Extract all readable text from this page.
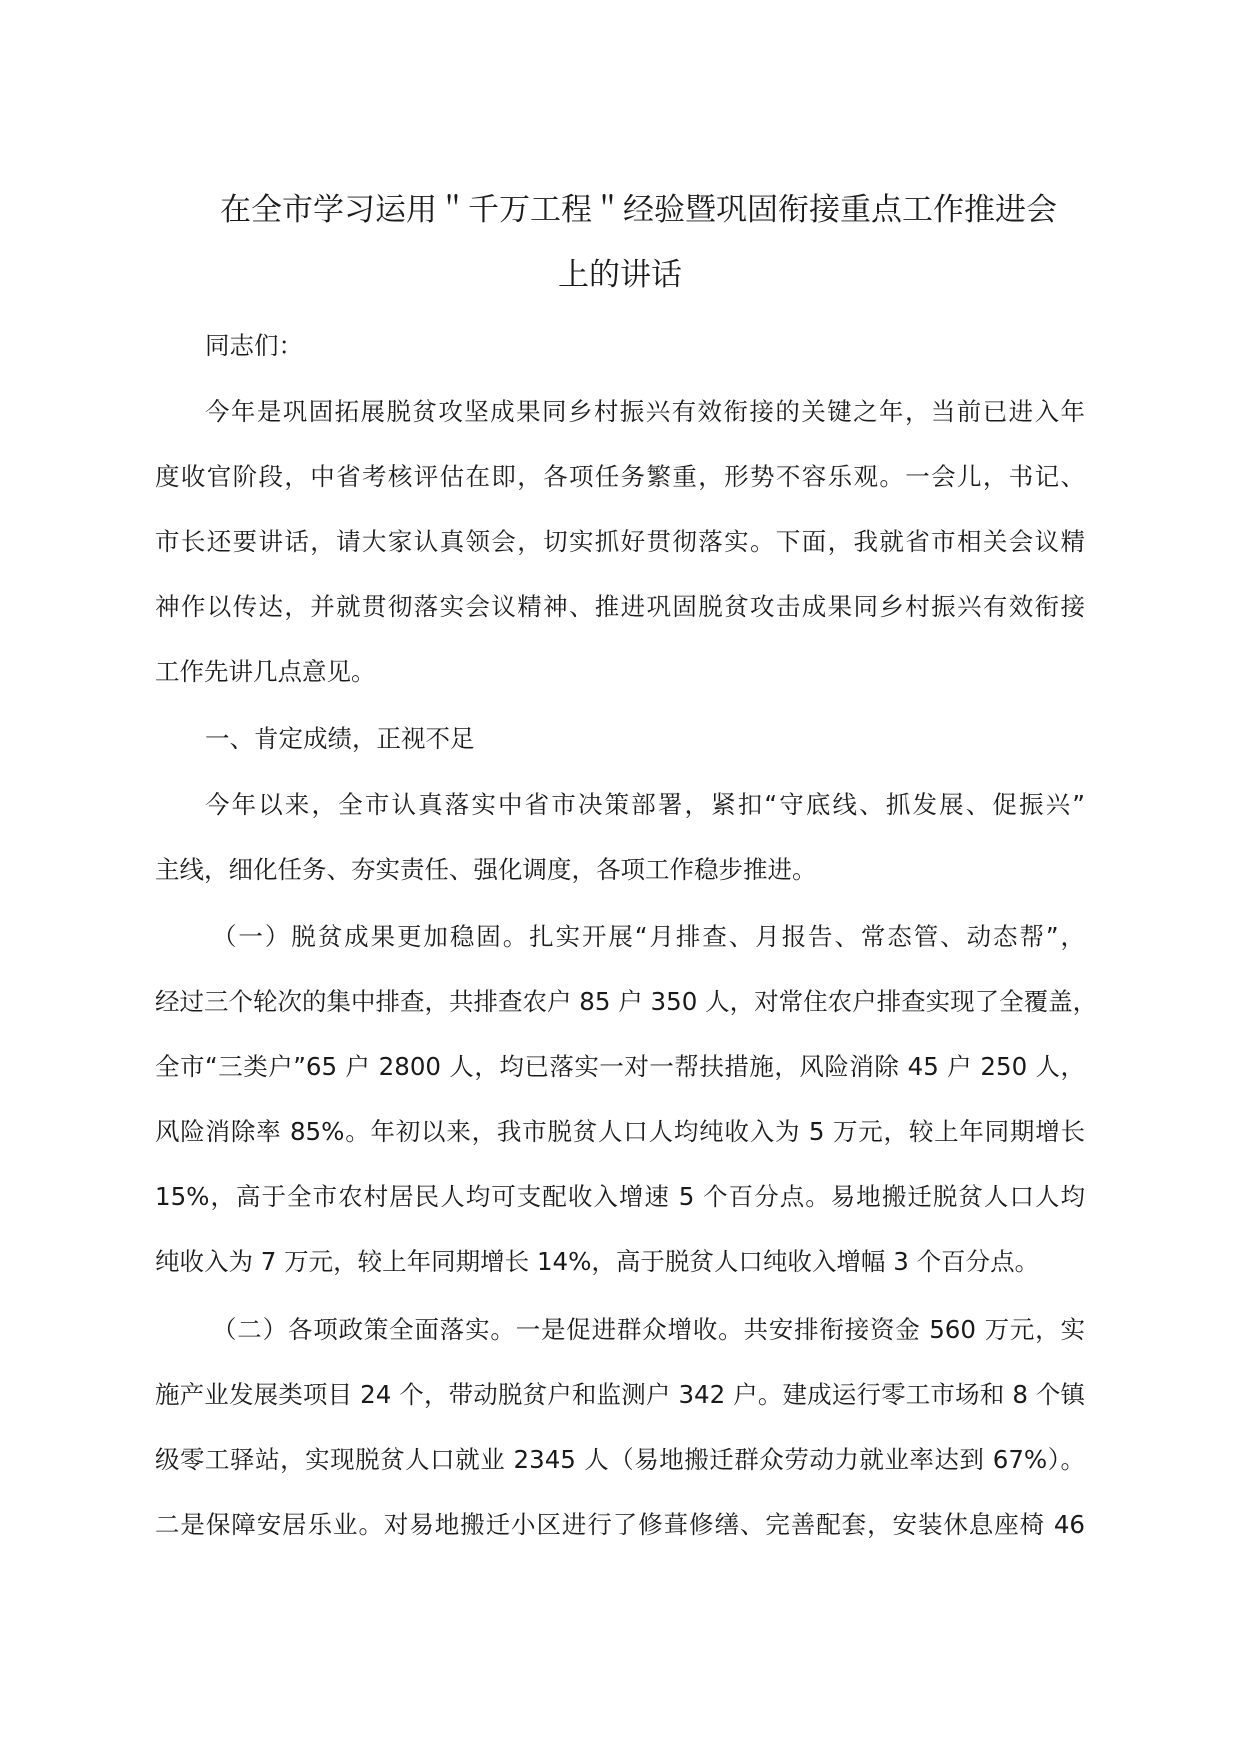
在全市学习运用＂千万工程＂经验暨巩固衔接重点工作推进会
上的讲话
同志们：
今年是巩固拓展脱贫攻坚成果同乡村振兴有效衔接的关键之年，当前已进入年
度收官阶段，中省考核评估在即，各项任务繁重，形势不容乐观。一会儿，书记、
市长还要讲话，请大家认真领会，切实抓好贯彻落实。下面，我就省市相关会议精
神作以传达，并就贯彻落实会议精神、推进巩固脱贫攻击成果同乡村振兴有效衔接
工作先讲几点意见。
一、肯定成绩，正视不足
今年以来，全市认真落实中省市决策部署，紧扣“守底线、抓发展、促振兴”
主线，细化任务、夯实责任、强化调度，各项工作稳步推进。
（一）脱贫成果更加稳固。扎实开展“月排查、月报告、常态管、动态帮”，
经过三个轮次的集中排查，共排查农户 85 户 350 人，对常住农户排查实现了全覆盖，
全市“三类户”65 户 2800 人，均已落实一对一帮扶措施，风险消除 45 户 250 人，
风险消除率 85%。年初以来，我市脱贫人口人均纯收入为 5 万元，较上年同期增长
15%，高于全市农村居民人均可支配收入增速 5 个百分点。易地搬迁脱贫人口人均
纯收入为 7 万元，较上年同期增长 14%，高于脱贫人口纯收入增幅 3 个百分点。
（二）各项政策全面落实。一是促进群众增收。共安排衔接资金 560 万元，实
施产业发展类项目 24 个，带动脱贫户和监测户 342 户。建成运行零工市场和 8 个镇
级零工驿站，实现脱贫人口就业 2345 人（易地搬迁群众劳动力就业率达到 67%）。
二是保障安居乐业。对易地搬迁小区进行了修葺修缮、完善配套，安装休息座椅 46
